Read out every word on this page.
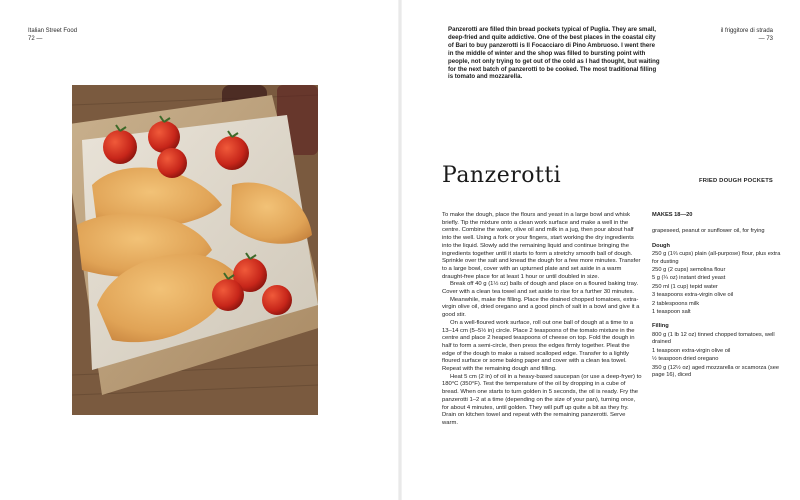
Italian Street Food
72 —
il friggitore di strada
— 73

Panzerotti are filled thin bread pockets typical of Puglia. They are small, deep-fried and quite addictive. One of the best places in the coastal city of Bari to buy panzerotti is Il Focacciaro di Pino Ambruoso. I went there in the middle of winter and the shop was filled to bursting point with people, not only trying to get out of the cold as I had thought, but waiting for the next batch of panzerotti to be cooked. The most traditional filling is tomato and mozzarella.

Panzerotti	FRIED DOUGH POCKETS

To make the dough, place the flours and yeast in a large bowl and whisk briefly. Tip the mixture onto a clean work surface and make a well in the centre. Combine the water, olive oil and milk in a jug, then pour about half into the well. Using a fork or your fingers, start working the dry ingredients into the liquid. Slowly add the remaining liquid and continue bringing the ingredients together until it starts to form a stretchy smooth ball of dough. Sprinkle over the salt and knead the dough for a few more minutes. Transfer to a large bowl, cover with an upturned plate and set aside in a warm draught-free place for at least 1 hour or until doubled in size.

Break off 40 g (1½ oz) balls of dough and place on a floured baking tray. Cover with a clean tea towel and set aside to rise for a further 30 minutes.

Meanwhile, make the filling. Place the drained chopped tomatoes, extra-virgin olive oil, dried oregano and a good pinch of salt in a bowl and give it a good stir.

On a well-floured work surface, roll out one ball of dough at a time to a 13–14 cm (5–5½ in) circle. Place 2 teaspoons of the tomato mixture in the centre and place 2 heaped teaspoons of cheese on top. Fold the dough in half to form a semi-circle, then press the edges firmly together. Pleat the edge of the dough to make a raised scalloped edge. Transfer to a lightly floured surface or some baking paper and cover with a clean tea towel. Repeat with the remaining dough and filling.

Heat 5 cm (2 in) of oil in a heavy-based saucepan (or use a deep-fryer) to 180°C (350°F). Test the temperature of the oil by dropping in a cube of bread. When one starts to turn golden in 5 seconds, the oil is ready. Fry the panzerotti 1–2 at a time (depending on the size of your pan), turning once, for about 4 minutes, until golden. They will puff up quite a bit as they fry. Drain on kitchen towel and repeat with the remaining panzerotti. Serve warm.

MAKES 18—20
grapeseed, peanut or sunflower oil, for frying
Dough
250 g (1⅔ cups) plain (all-purpose) flour, plus extra for dusting
250 g (2 cups) semolina flour
5 g (¼ oz) instant dried yeast
250 ml (1 cup) tepid water
3 teaspoons extra-virgin olive oil
2 tablespoons milk
1 teaspoon salt
Filling
800 g (1 lb 12 oz) tinned chopped tomatoes, well drained
1 teaspoon extra-virgin olive oil
½ teaspoon dried oregano
350 g (12½ oz) aged mozzarella or scamorza (see page 16), diced
